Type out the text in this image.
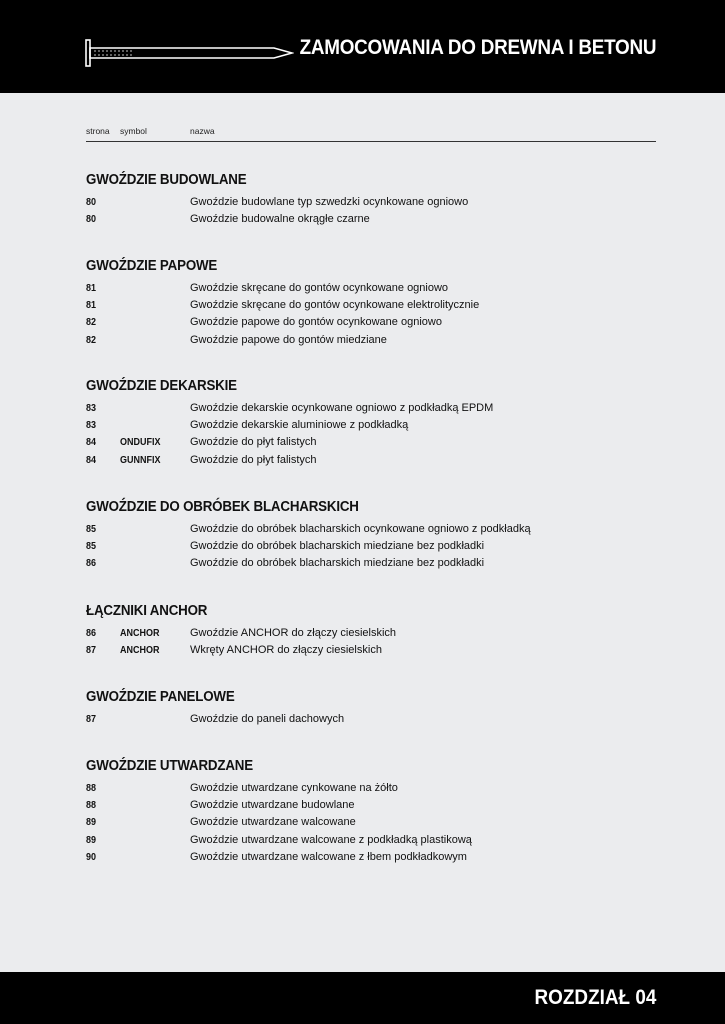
ZAMOCOWANIA DO DREWNA I BETONU
strona symbol	nazwa
GWOŹDZIE BUDOWLANE
80	Gwoździe budowlane typ szwedzki ocynkowane ogniowo
80	Gwoździe budowalne okrągłe czarne
GWOŹDZIE PAPOWE
81	Gwoździe skręcane do gontów ocynkowane ogniowo
81	Gwoździe skręcane do gontów ocynkowane elektrolitycznie
82	Gwoździe papowe do gontów ocynkowane ogniowo
82	Gwoździe papowe do gontów miedziane
GWOŹDZIE DEKARSKIE
83	Gwoździe dekarskie ocynkowane ogniowo z podkładką EPDM
83	Gwoździe dekarskie aluminiowe z podkładką
84 ONDUFIX	Gwoździe do płyt falistych
84 GUNNFIX	Gwoździe do płyt falistych
GWOŹDZIE DO OBRÓBEK BLACHARSKICH
85	Gwoździe do obróbek blacharskich ocynkowane ogniowo z podkładką
85	Gwoździe do obróbek blacharskich miedziane bez podkładki
86	Gwoździe do obróbek blacharskich miedziane bez podkładki
ŁĄCZNIKI ANCHOR
86 ANCHOR	Gwoździe ANCHOR do złączy ciesielskich
87 ANCHOR	Wkręty ANCHOR do złączy ciesielskich
GWOŹDZIE PANELOWE
87	Gwoździe do paneli dachowych
GWOŹDZIE UTWARDZANE
88	Gwoździe utwardzane cynkowane na żółto
88	Gwoździe utwardzane budowlane
89	Gwoździe utwardzane walcowane
89	Gwoździe utwardzane walcowane z podkładką plastikową
90	Gwoździe utwardzane walcowane z łbem podkładkowym
ROZDZIAŁ 04
